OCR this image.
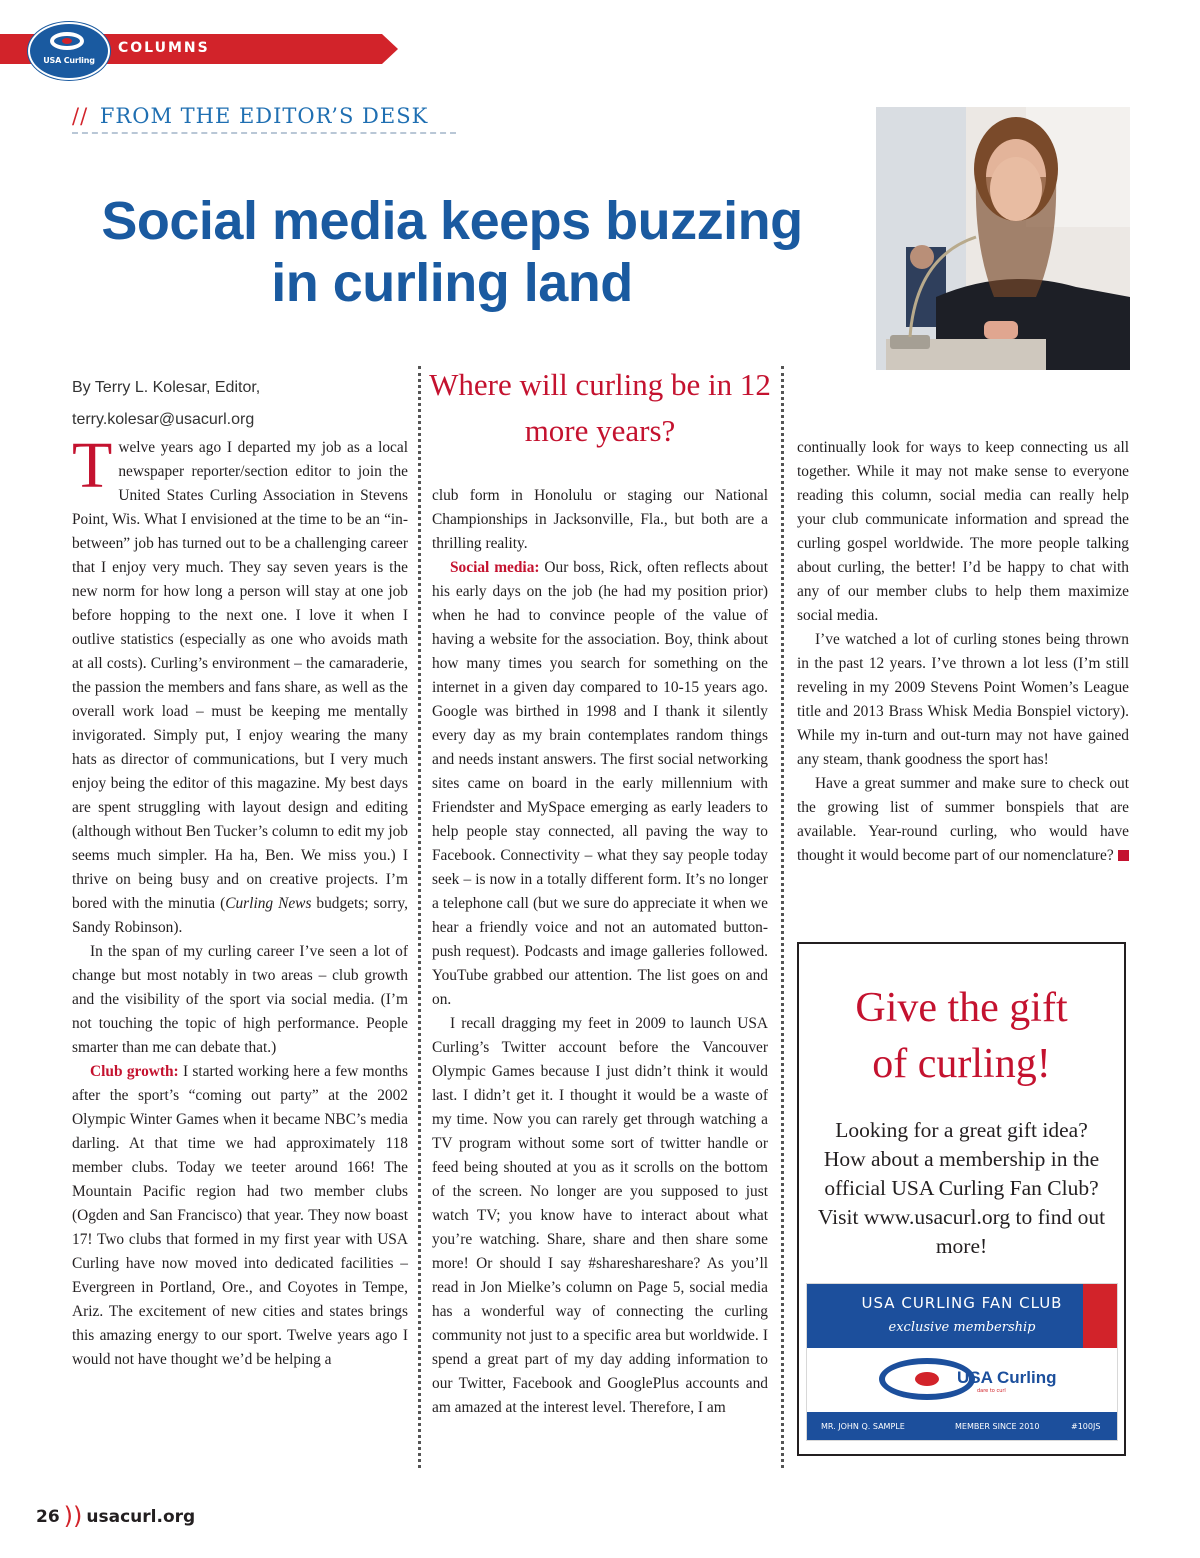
USA Curling
COLUMNS
// FROM THE EDITOR’S DESK
Social media keeps buzzing in curling land
By Terry L. Kolesar, Editor,
terry.kolesar@usacurl.org
Where will curling be in 12 more years?

Twelve years ago I departed my job as a local newspaper reporter/section editor to join the United States Curling Association in Stevens Point, Wis. What I envisioned at the time to be an “in-between” job has turned out to be a challenging career that I enjoy very much. They say seven years is the new norm for how long a person will stay at one job before hopping to the next one. I love it when I outlive statistics (especially as one who avoids math at all costs). Curling’s environment – the camaraderie, the passion the members and fans share, as well as the overall work load – must be keeping me mentally invigorated. Simply put, I enjoy wearing the many hats as director of communications, but I very much enjoy being the editor of this magazine. My best days are spent struggling with layout design and editing (although without Ben Tucker’s column to edit my job seems much simpler. Ha ha, Ben. We miss you.) I thrive on being busy and on creative projects. I’m bored with the minutia (Curling News budgets; sorry, Sandy Robinson).

In the span of my curling career I’ve seen a lot of change but most notably in two areas – club growth and the visibility of the sport via social media. (I’m not touching the topic of high performance. People smarter than me can debate that.)

Club growth: I started working here a few months after the sport’s “coming out party” at the 2002 Olympic Winter Games when it became NBC’s media darling. At that time we had approximately 118 member clubs. Today we teeter around 166! The Mountain Pacific region had two member clubs (Ogden and San Francisco) that year. They now boast 17! Two clubs that formed in my first year with USA Curling have now moved into dedicated facilities – Evergreen in Portland, Ore., and Coyotes in Tempe, Ariz. The excitement of new cities and states brings this amazing energy to our sport. Twelve years ago I would not have thought we’d be helping a

club form in Honolulu or staging our National Championships in Jacksonville, Fla., but both are a thrilling reality.

Social media: Our boss, Rick, often reflects about his early days on the job (he had my position prior) when he had to convince people of the value of having a website for the association. Boy, think about how many times you search for something on the internet in a given day compared to 10-15 years ago. Google was birthed in 1998 and I thank it silently every day as my brain contemplates random things and needs instant answers. The first social networking sites came on board in the early millennium with Friendster and MySpace emerging as early leaders to help people stay connected, all paving the way to Facebook. Connectivity – what they say people today seek – is now in a totally different form. It’s no longer a telephone call (but we sure do appreciate it when we hear a friendly voice and not an automated button-push request). Podcasts and image galleries followed. YouTube grabbed our attention. The list goes on and on.

I recall dragging my feet in 2009 to launch USA Curling’s Twitter account before the Vancouver Olympic Games because I just didn’t think it would last. I didn’t get it. I thought it would be a waste of my time. Now you can rarely get through watching a TV program without some sort of twitter handle or feed being shouted at you as it scrolls on the bottom of the screen. No longer are you supposed to just watch TV; you know have to interact about what you’re watching. Share, share and then share some more! Or should I say #shareshareshare? As you’ll read in Jon Mielke’s column on Page 5, social media has a wonderful way of connecting the curling community not just to a specific area but worldwide. I spend a great part of my day adding information to our Twitter, Facebook and GooglePlus accounts and am amazed at the interest level. Therefore, I am

continually look for ways to keep connecting us all together. While it may not make sense to everyone reading this column, social media can really help your club communicate information and spread the curling gospel worldwide. The more people talking about curling, the better! I’d be happy to chat with any of our member clubs to help them maximize social media.

I’ve watched a lot of curling stones being thrown in the past 12 years. I’ve thrown a lot less (I’m still reveling in my 2009 Stevens Point Women’s League title and 2013 Brass Whisk Media Bonspiel victory). While my in-turn and out-turn may not have gained any steam, thank goodness the sport has!

Have a great summer and make sure to check out the growing list of summer bonspiels that are available. Year-round curling, who would have thought it would become part of our nomenclature?

Give the gift
of curling!
Looking for a great gift idea? How about a membership in the official USA Curling Fan Club? Visit www.usacurl.org to find out more!
USA CURLING FAN CLUB
exclusive membership
USA Curling
dare to curl
MR. JOHN Q. SAMPLE	MEMBER SINCE 2010	#100JS
26 )) usacurl.org
